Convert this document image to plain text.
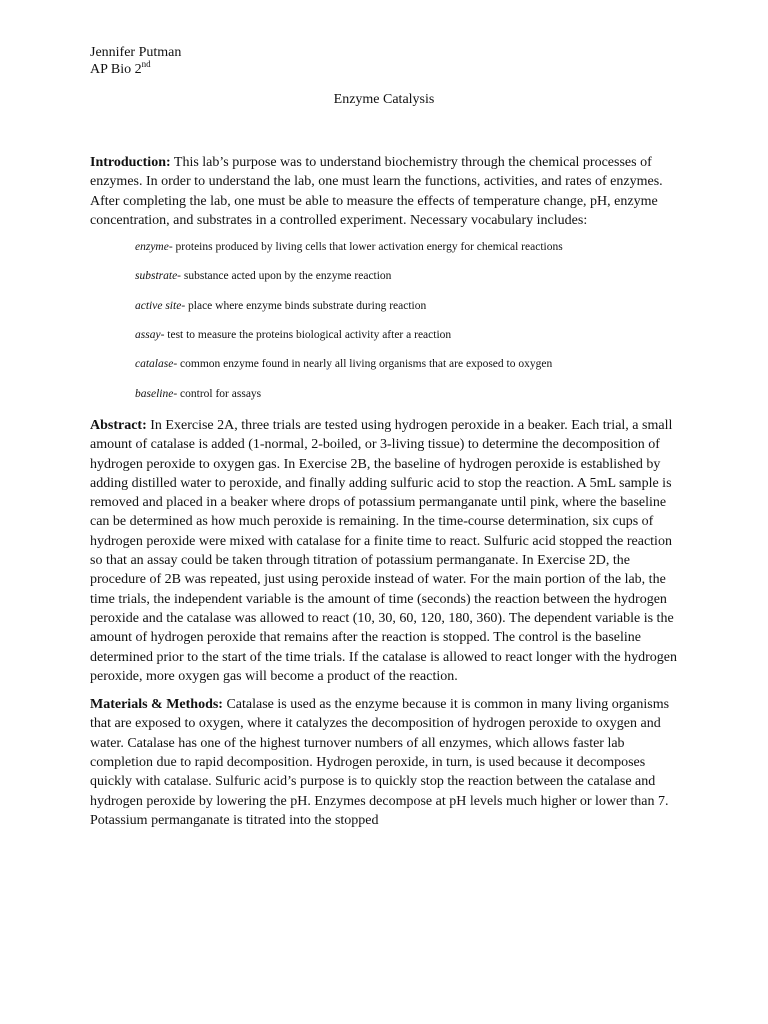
Jennifer Putman
AP Bio 2nd
Enzyme Catalysis

Introduction: This lab’s purpose was to understand biochemistry through the chemical processes of enzymes. In order to understand the lab, one must learn the functions, activities, and rates of enzymes. After completing the lab, one must be able to measure the effects of temperature change, pH, enzyme concentration, and substrates in a controlled experiment. Necessary vocabulary includes:

enzyme- proteins produced by living cells that lower activation energy for chemical reactions
substrate- substance acted upon by the enzyme reaction
active site- place where enzyme binds substrate during reaction
assay- test to measure the proteins biological activity after a reaction
catalase- common enzyme found in nearly all living organisms that are exposed to oxygen
baseline- control for assays

Abstract: In Exercise 2A, three trials are tested using hydrogen peroxide in a beaker. Each trial, a small amount of catalase is added (1-normal, 2-boiled, or 3-living tissue) to determine the decomposition of hydrogen peroxide to oxygen gas. In Exercise 2B, the baseline of hydrogen peroxide is established by adding distilled water to peroxide, and finally adding sulfuric acid to stop the reaction. A 5mL sample is removed and placed in a beaker where drops of potassium permanganate until pink, where the baseline can be determined as how much peroxide is remaining. In the time-course determination, six cups of hydrogen peroxide were mixed with catalase for a finite time to react. Sulfuric acid stopped the reaction so that an assay could be taken through titration of potassium permanganate. In Exercise 2D, the procedure of 2B was repeated, just using peroxide instead of water. For the main portion of the lab, the time trials, the independent variable is the amount of time (seconds) the reaction between the hydrogen peroxide and the catalase was allowed to react (10, 30, 60, 120, 180, 360). The dependent variable is the amount of hydrogen peroxide that remains after the reaction is stopped. The control is the baseline determined prior to the start of the time trials. If the catalase is allowed to react longer with the hydrogen peroxide, more oxygen gas will become a product of the reaction.

Materials & Methods: Catalase is used as the enzyme because it is common in many living organisms that are exposed to oxygen, where it catalyzes the decomposition of hydrogen peroxide to oxygen and water. Catalase has one of the highest turnover numbers of all enzymes, which allows faster lab completion due to rapid decomposition. Hydrogen peroxide, in turn, is used because it decomposes quickly with catalase. Sulfuric acid’s purpose is to quickly stop the reaction between the catalase and hydrogen peroxide by lowering the pH. Enzymes decompose at pH levels much higher or lower than 7. Potassium permanganate is titrated into the stopped
